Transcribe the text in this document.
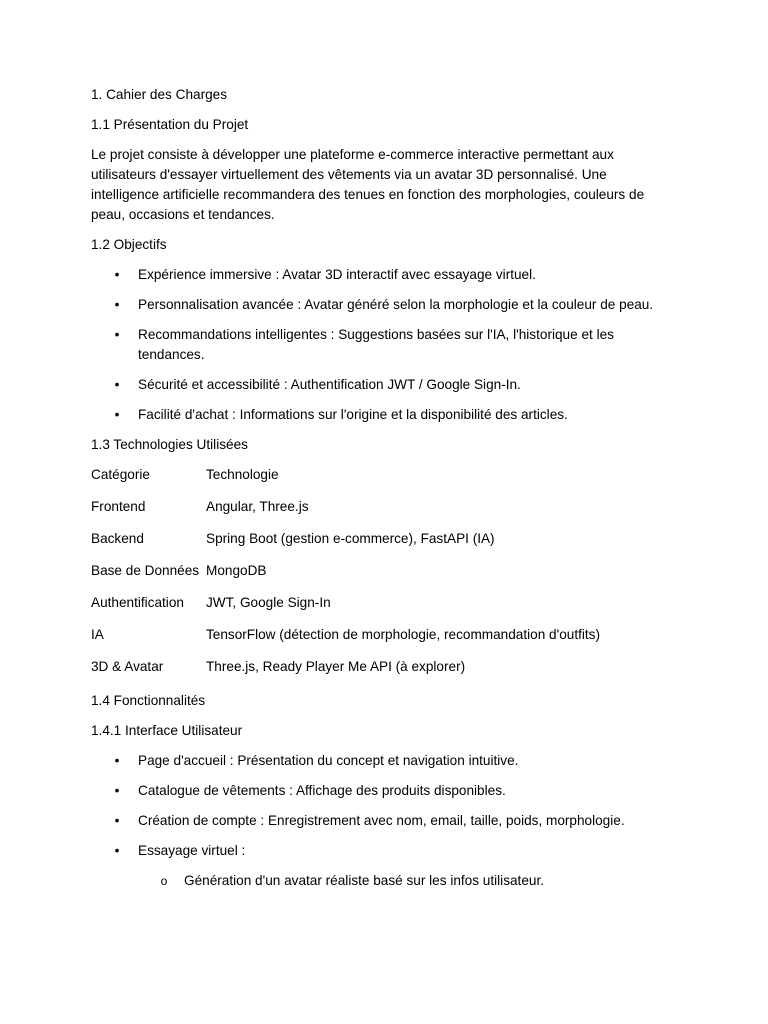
1. Cahier des Charges
1.1 Présentation du Projet
Le projet consiste à développer une plateforme e-commerce interactive permettant aux utilisateurs d'essayer virtuellement des vêtements via un avatar 3D personnalisé. Une intelligence artificielle recommandera des tenues en fonction des morphologies, couleurs de peau, occasions et tendances.
1.2 Objectifs
• Expérience immersive : Avatar 3D interactif avec essayage virtuel.
• Personnalisation avancée : Avatar généré selon la morphologie et la couleur de peau.
• Recommandations intelligentes : Suggestions basées sur l'IA, l'historique et les tendances.
• Sécurité et accessibilité : Authentification JWT / Google Sign-In.
• Facilité d'achat : Informations sur l'origine et la disponibilité des articles.
1.3 Technologies Utilisées
Catégorie	Technologie
Frontend	Angular, Three.js
Backend	Spring Boot (gestion e-commerce), FastAPI (IA)
Base de Données	MongoDB
Authentification	JWT, Google Sign-In
IA	TensorFlow (détection de morphologie, recommandation d'outfits)
3D & Avatar	Three.js, Ready Player Me API (à explorer)
1.4 Fonctionnalités
1.4.1 Interface Utilisateur
• Page d'accueil : Présentation du concept et navigation intuitive.
• Catalogue de vêtements : Affichage des produits disponibles.
• Création de compte : Enregistrement avec nom, email, taille, poids, morphologie.
• Essayage virtuel :
o Génération d'un avatar réaliste basé sur les infos utilisateur.
